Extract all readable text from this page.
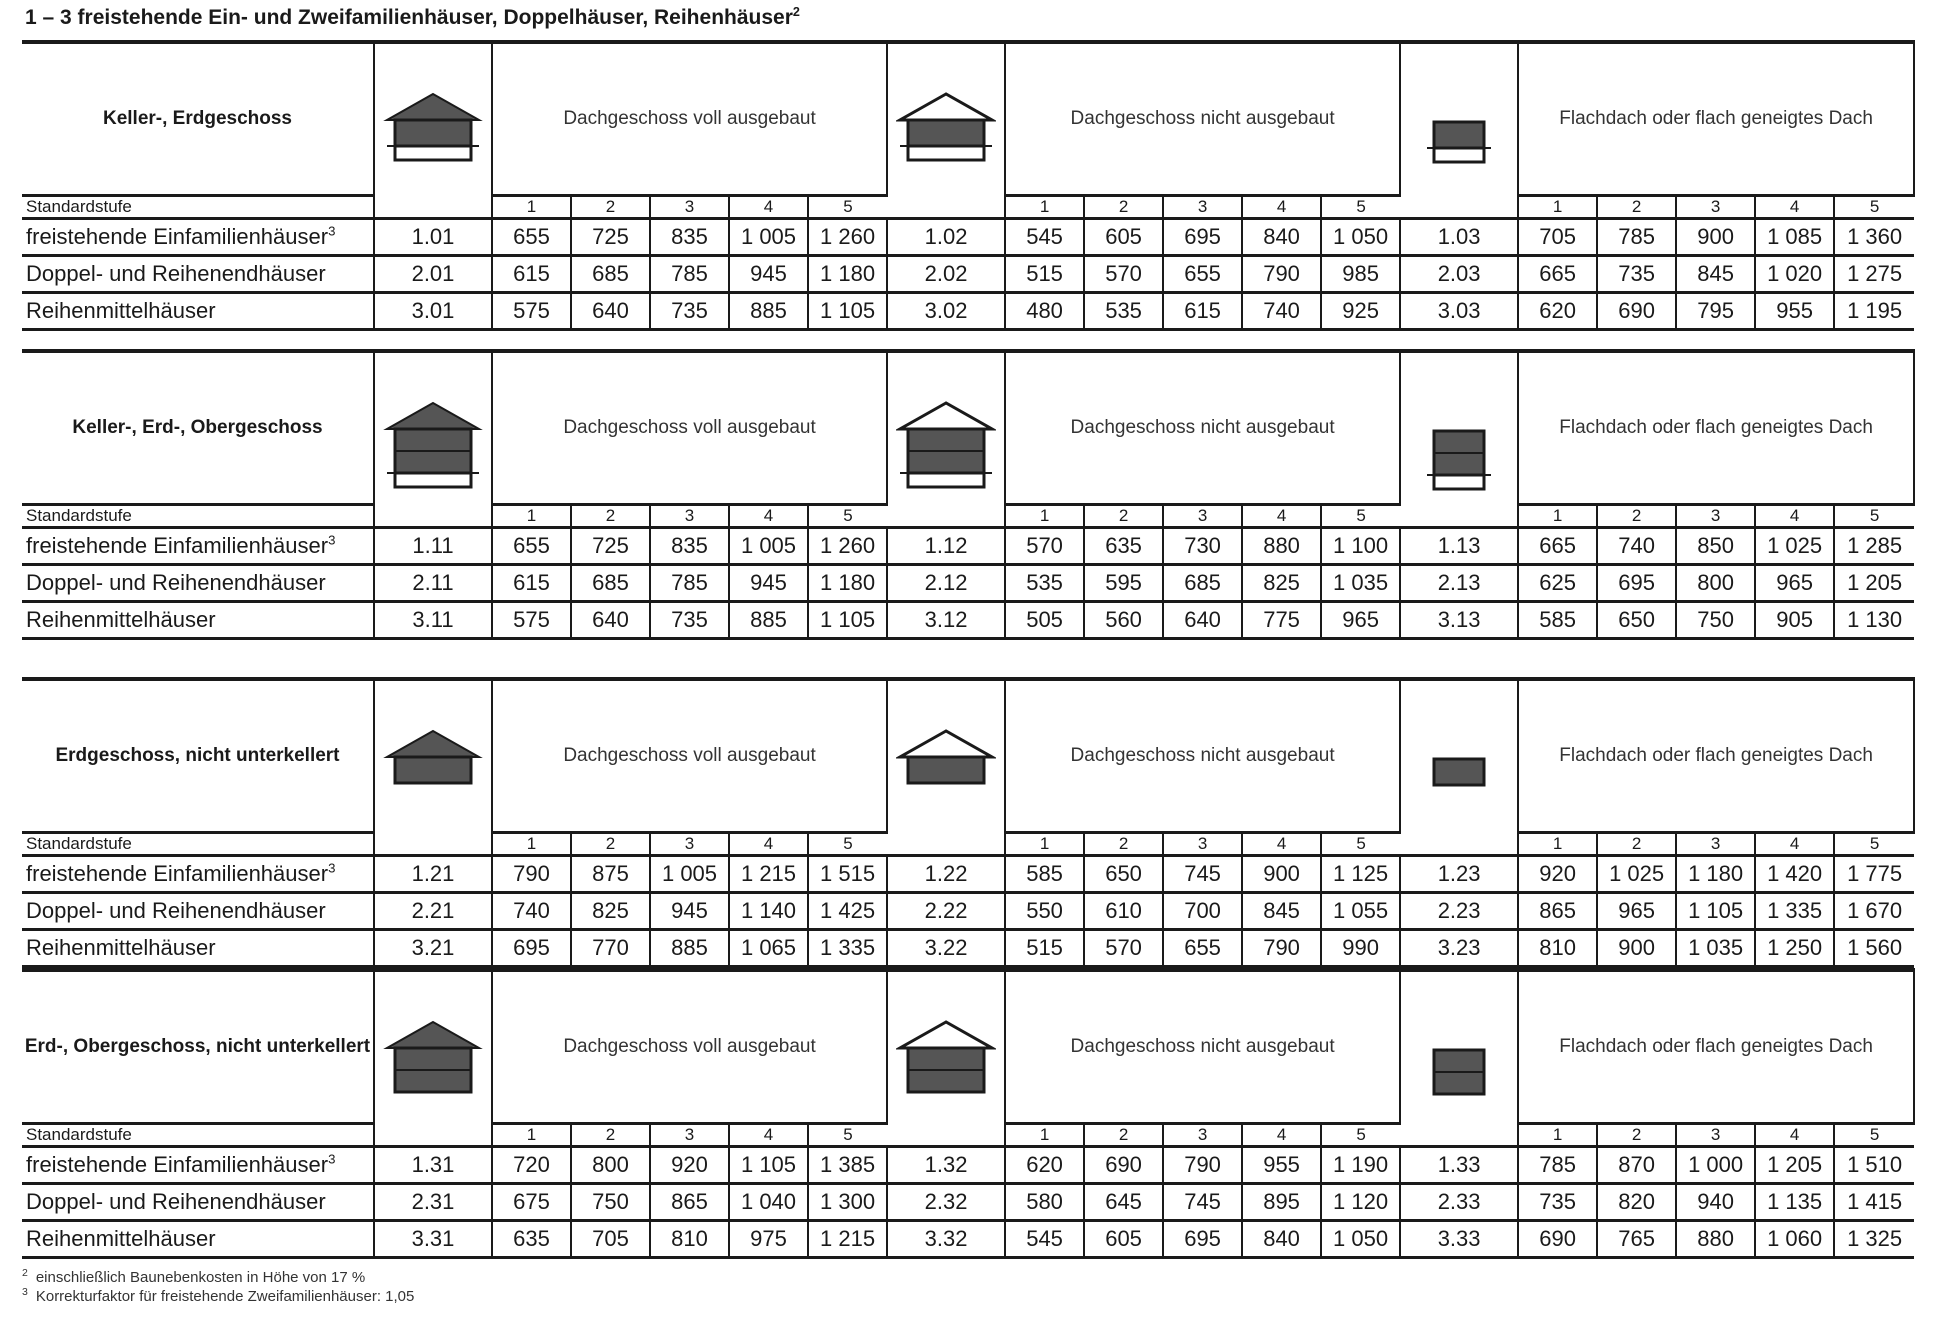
1 – 3 freistehende Ein- und Zweifamilienhäuser, Doppelhäuser, Reihenhäuser$^2$
Keller-, Erdgeschoss		Dachgeschoss voll ausgebaut						Dachgeschoss nicht ausgebaut						Flachdach oder flach geneigtes Dach				
Standardstufe		1	2	3	4	5		1	2	3	4	5		1	2	3	4	5
freistehende Einfamilienhäuser$^3$	1.01	655	725	835	1 005	1 260	1.02	545	605	695	840	1 050	1.03	705	785	900	1 085	1 360
Doppel- und Reihenendhäuser	2.01	615	685	785	945	1 180	2.02	515	570	655	790	985	2.03	665	735	845	1 020	1 275
Reihenmittelhäuser	3.01	575	640	735	885	1 105	3.02	480	535	615	740	925	3.03	620	690	795	955	1 195
Keller-, Erd-, Obergeschoss		Dachgeschoss voll ausgebaut						Dachgeschoss nicht ausgebaut						Flachdach oder flach geneigtes Dach				
Standardstufe		1	2	3	4	5		1	2	3	4	5		1	2	3	4	5
freistehende Einfamilienhäuser$^3$	1.11	655	725	835	1 005	1 260	1.12	570	635	730	880	1 100	1.13	665	740	850	1 025	1 285
Doppel- und Reihenendhäuser	2.11	615	685	785	945	1 180	2.12	535	595	685	825	1 035	2.13	625	695	800	965	1 205
Reihenmittelhäuser	3.11	575	640	735	885	1 105	3.12	505	560	640	775	965	3.13	585	650	750	905	1 130
Erdgeschoss, nicht unterkellert		Dachgeschoss voll ausgebaut						Dachgeschoss nicht ausgebaut						Flachdach oder flach geneigtes Dach				
Standardstufe		1	2	3	4	5		1	2	3	4	5		1	2	3	4	5
freistehende Einfamilienhäuser$^3$	1.21	790	875	1 005	1 215	1 515	1.22	585	650	745	900	1 125	1.23	920	1 025	1 180	1 420	1 775
Doppel- und Reihenendhäuser	2.21	740	825	945	1 140	1 425	2.22	550	610	700	845	1 055	2.23	865	965	1 105	1 335	1 670
Reihenmittelhäuser	3.21	695	770	885	1 065	1 335	3.22	515	570	655	790	990	3.23	810	900	1 035	1 250	1 560
Erd-, Obergeschoss, nicht unterkellert		Dachgeschoss voll ausgebaut						Dachgeschoss nicht ausgebaut						Flachdach oder flach geneigtes Dach				
Standardstufe		1	2	3	4	5		1	2	3	4	5		1	2	3	4	5
freistehende Einfamilienhäuser$^3$	1.31	720	800	920	1 105	1 385	1.32	620	690	790	955	1 190	1.33	785	870	1 000	1 205	1 510
Doppel- und Reihenendhäuser	2.31	675	750	865	1 040	1 300	2.32	580	645	745	895	1 120	2.33	735	820	940	1 135	1 415
Reihenmittelhäuser	3.31	635	705	810	975	1 215	3.32	545	605	695	840	1 050	3.33	690	765	880	1 060	1 325
$^2$ einschließlich Baunebenkosten in Höhe von 17 %
$^3$ Korrekturfaktor für freistehende Zweifamilienhäuser: 1,05
